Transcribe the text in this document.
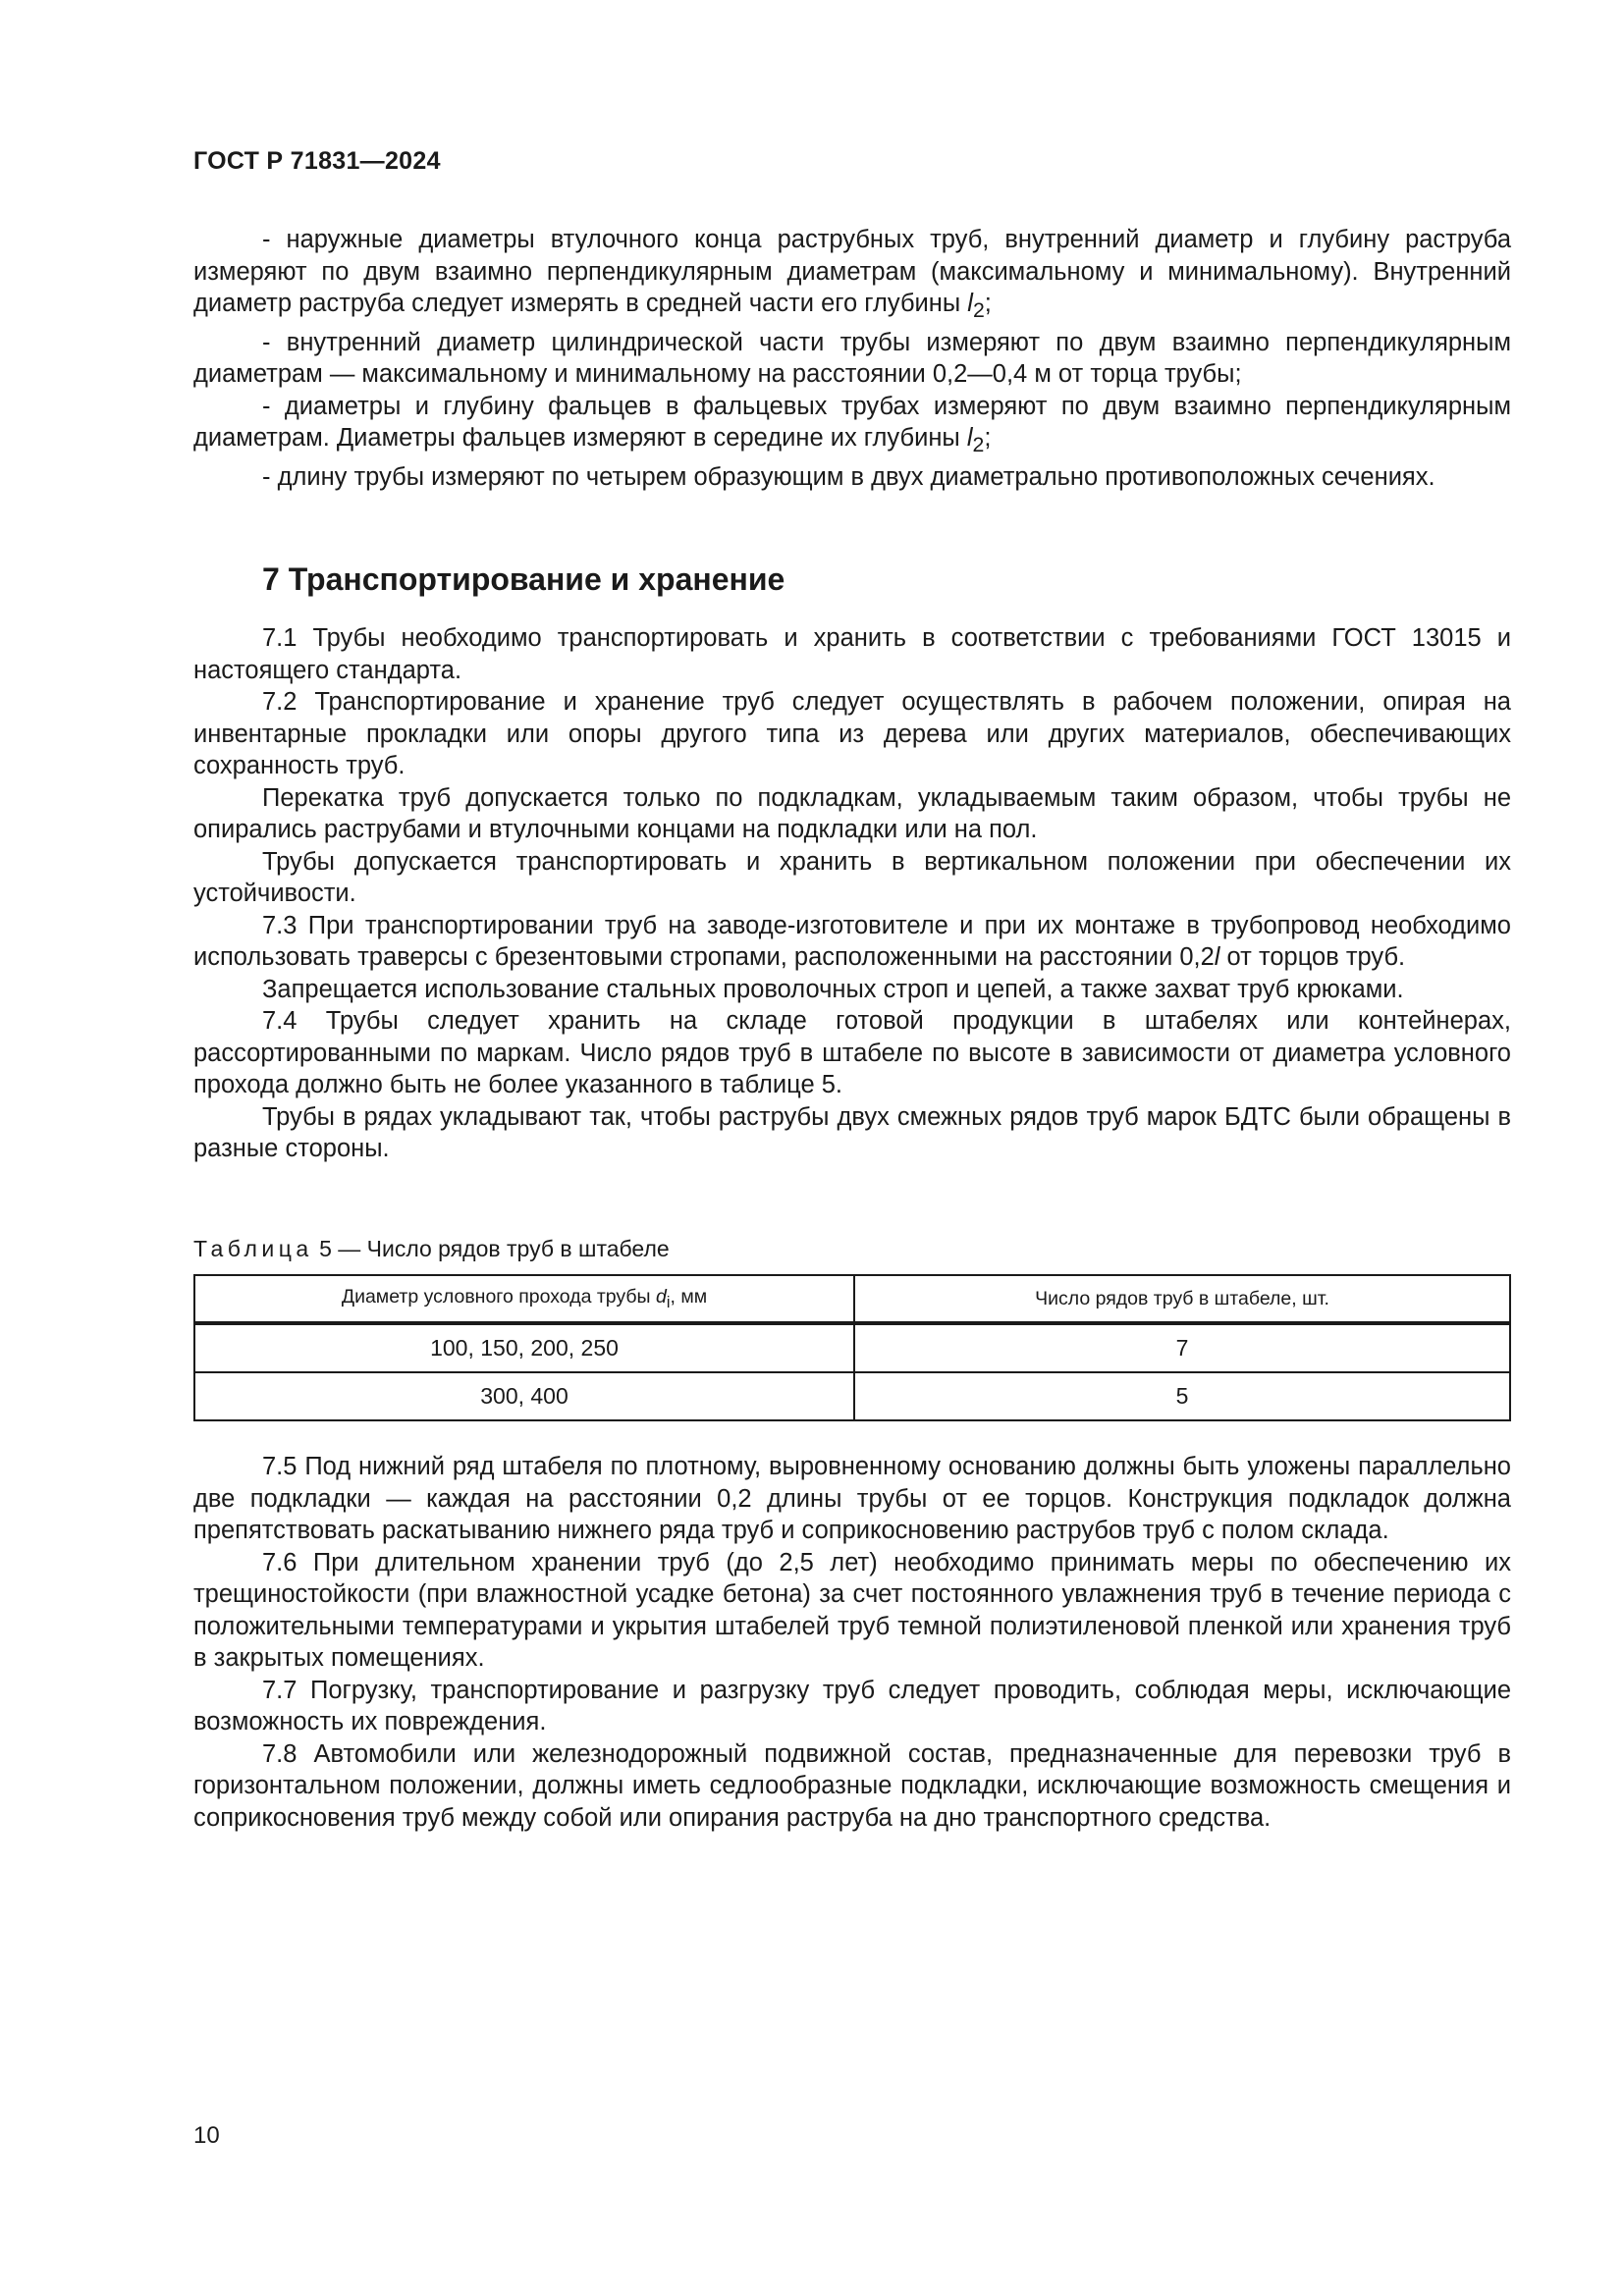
ГОСТ Р 71831—2024

- наружные диаметры втулочного конца раструбных труб, внутренний диаметр и глубину раструба измеряют по двум взаимно перпендикулярным диаметрам (максимальному и минимальному). Внутренний диаметр раструба следует измерять в средней части его глубины $l_2$;

- внутренний диаметр цилиндрической части трубы измеряют по двум взаимно перпендикулярным диаметрам — максимальному и минимальному на расстоянии 0,2—0,4 м от торца трубы;

- диаметры и глубину фальцев в фальцевых трубах измеряют по двум взаимно перпендикулярным диаметрам. Диаметры фальцев измеряют в середине их глубины $l_2$;

- длину трубы измеряют по четырем образующим в двух диаметрально противоположных сечениях.

7 Транспортирование и хранение

7.1 Трубы необходимо транспортировать и хранить в соответствии с требованиями ГОСТ 13015 и настоящего стандарта.

7.2 Транспортирование и хранение труб следует осуществлять в рабочем положении, опирая на инвентарные прокладки или опоры другого типа из дерева или других материалов, обеспечивающих сохранность труб.

Перекатка труб допускается только по подкладкам, укладываемым таким образом, чтобы трубы не опирались раструбами и втулочными концами на подкладки или на пол.

Трубы допускается транспортировать и хранить в вертикальном положении при обеспечении их устойчивости.

7.3 При транспортировании труб на заводе-изготовителе и при их монтаже в трубопровод необходимо использовать траверсы с брезентовыми стропами, расположенными на расстоянии 0,2l от торцов труб.

Запрещается использование стальных проволочных строп и цепей, а также захват труб крюками.

7.4 Трубы следует хранить на складе готовой продукции в штабелях или контейнерах, рассортированными по маркам. Число рядов труб в штабеле по высоте в зависимости от диаметра условного прохода должно быть не более указанного в таблице 5.

Трубы в рядах укладывают так, чтобы раструбы двух смежных рядов труб марок БДТС были обращены в разные стороны.

Таблица 5 — Число рядов труб в штабеле
Диаметр условного прохода трубы $d_i$, мм	Число рядов труб в штабеле, шт.
100, 150, 200, 250	7
300, 400	5

7.5 Под нижний ряд штабеля по плотному, выровненному основанию должны быть уложены параллельно две подкладки — каждая на расстоянии 0,2 длины трубы от ее торцов. Конструкция подкладок должна препятствовать раскатыванию нижнего ряда труб и соприкосновению раструбов труб с полом склада.

7.6 При длительном хранении труб (до 2,5 лет) необходимо принимать меры по обеспечению их трещиностойкости (при влажностной усадке бетона) за счет постоянного увлажнения труб в течение периода с положительными температурами и укрытия штабелей труб темной полиэтиленовой пленкой или хранения труб в закрытых помещениях.

7.7 Погрузку, транспортирование и разгрузку труб следует проводить, соблюдая меры, исключающие возможность их повреждения.

7.8 Автомобили или железнодорожный подвижной состав, предназначенные для перевозки труб в горизонтальном положении, должны иметь седлообразные подкладки, исключающие возможность смещения и соприкосновения труб между собой или опирания раструба на дно транспортного средства.

10
